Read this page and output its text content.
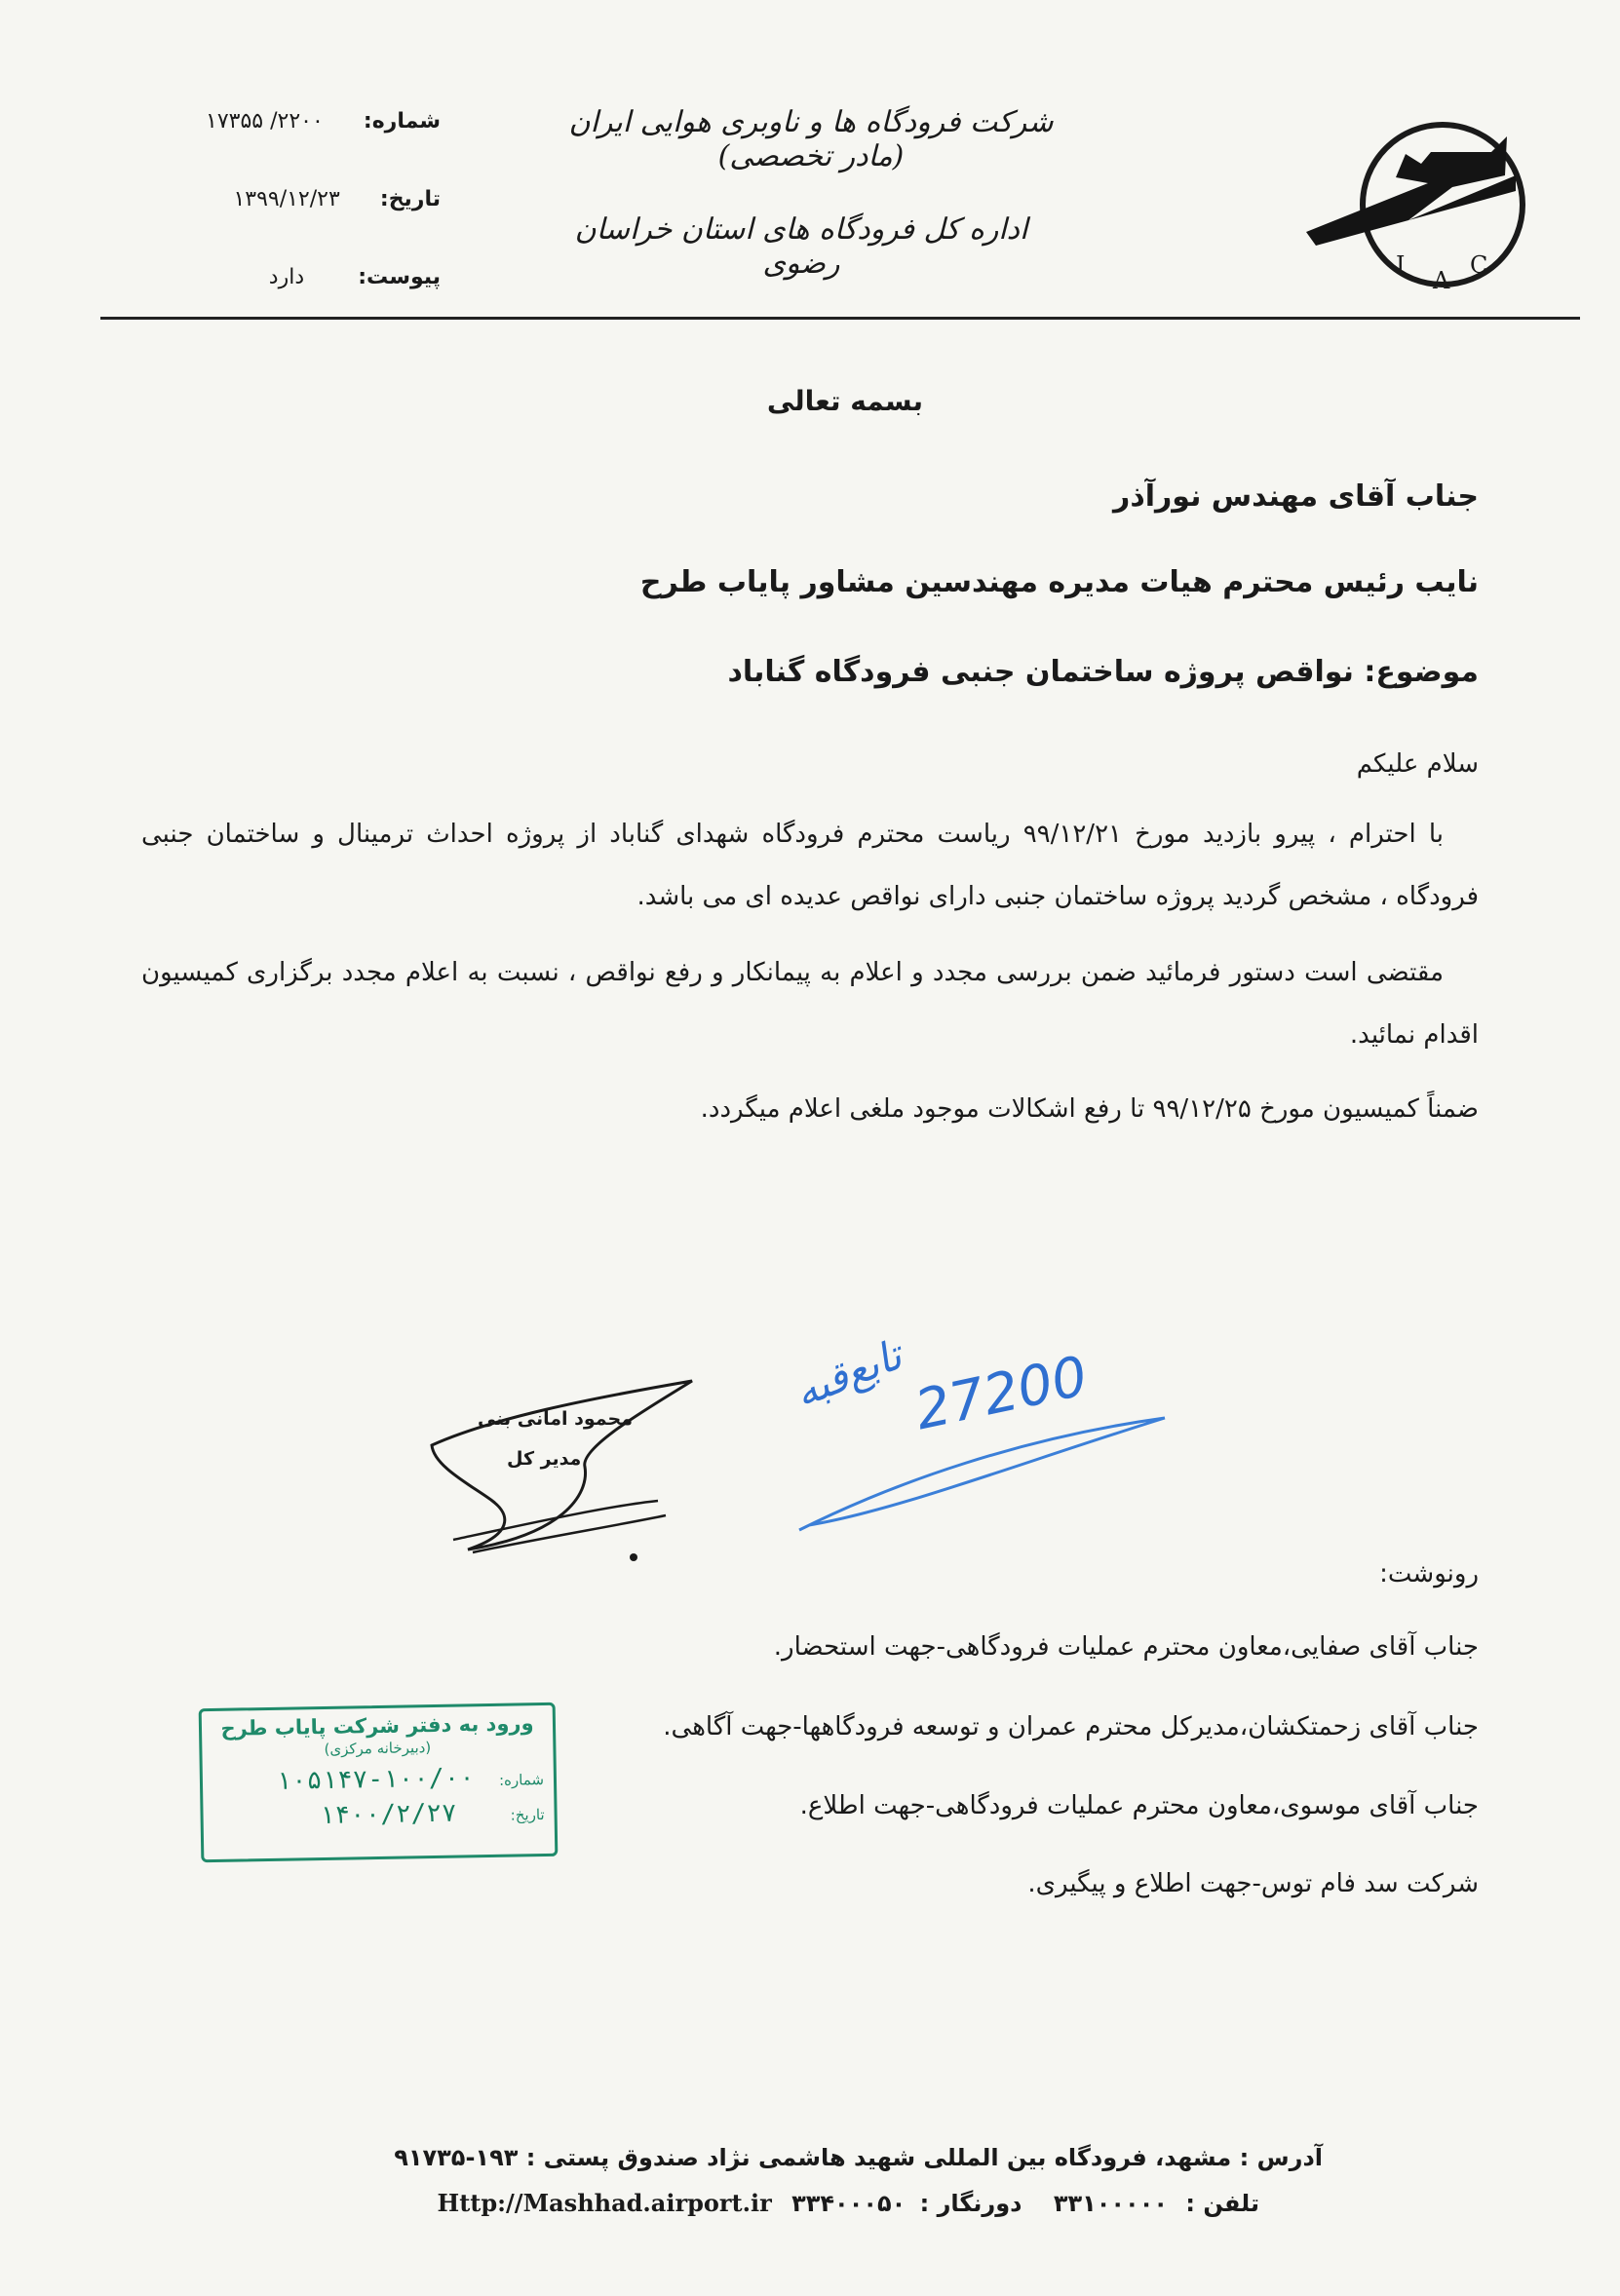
I
A
C
شرکت فرودگاه ها و ناوبری هوایی ایران (مادر تخصصی)
اداره کل فرودگاه های استان خراسان رضوی
شماره: ۲۲۰۰/ ۱۷۳۵۵
تاریخ: ۱۳۹۹/۱۲/۲۳
پیوست: دارد
بسمه تعالی
جناب آقای مهندس نورآذر
نایب رئیس محترم هیات مدیره مهندسین مشاور پایاب طرح
موضوع: نواقص پروژه ساختمان جنبی فرودگاه گناباد
سلام علیکم
با احترام ، پیرو بازدید مورخ ۹۹/۱۲/۲۱ ریاست محترم فرودگاه شهدای گناباد از پروژه احداث ترمینال و ساختمان جنبی فرودگاه ، مشخص گردید پروژه ساختمان جنبی دارای نواقص عدیده ای می باشد.
مقتضی است دستور فرمائید ضمن بررسی مجدد و اعلام به پیمانکار و رفع نواقص ، نسبت به اعلام مجدد برگزاری کمیسیون اقدام نمائید.
ضمناً کمیسیون مورخ ۹۹/۱۲/۲۵ تا رفع اشکالات موجود ملغی اعلام میگردد.
تابع‌قبه 27200
محمود امانی بنی
مدیر کل
رونوشت:
جناب آقای صفایی،معاون محترم عملیات فرودگاهی-جهت استحضار.
جناب آقای زحمتکشان،مدیرکل محترم عمران و توسعه فرودگاهها-جهت آگاهی.
جناب آقای موسوی،معاون محترم عملیات فرودگاهی-جهت اطلاع.
شرکت سد فام توس-جهت اطلاع و پیگیری.
ورود به دفتر شرکت پایاب طرح
(دبیرخانه مرکزی)
شماره: ۱۰۰/۰۰-۱۰۵۱۴۷
تاریخ: ۱۴۰۰/۲/۲۷
آدرس : مشهد، فرودگاه بین المللی شهید هاشمی نژاد صندوق پستی : ۱۹۳-۹۱۷۳۵
تلفن : ۳۳۱۰۰۰۰۰ دورنگار : ۳۳۴۰۰۰۵۰ Http://Mashhad.airport.ir
